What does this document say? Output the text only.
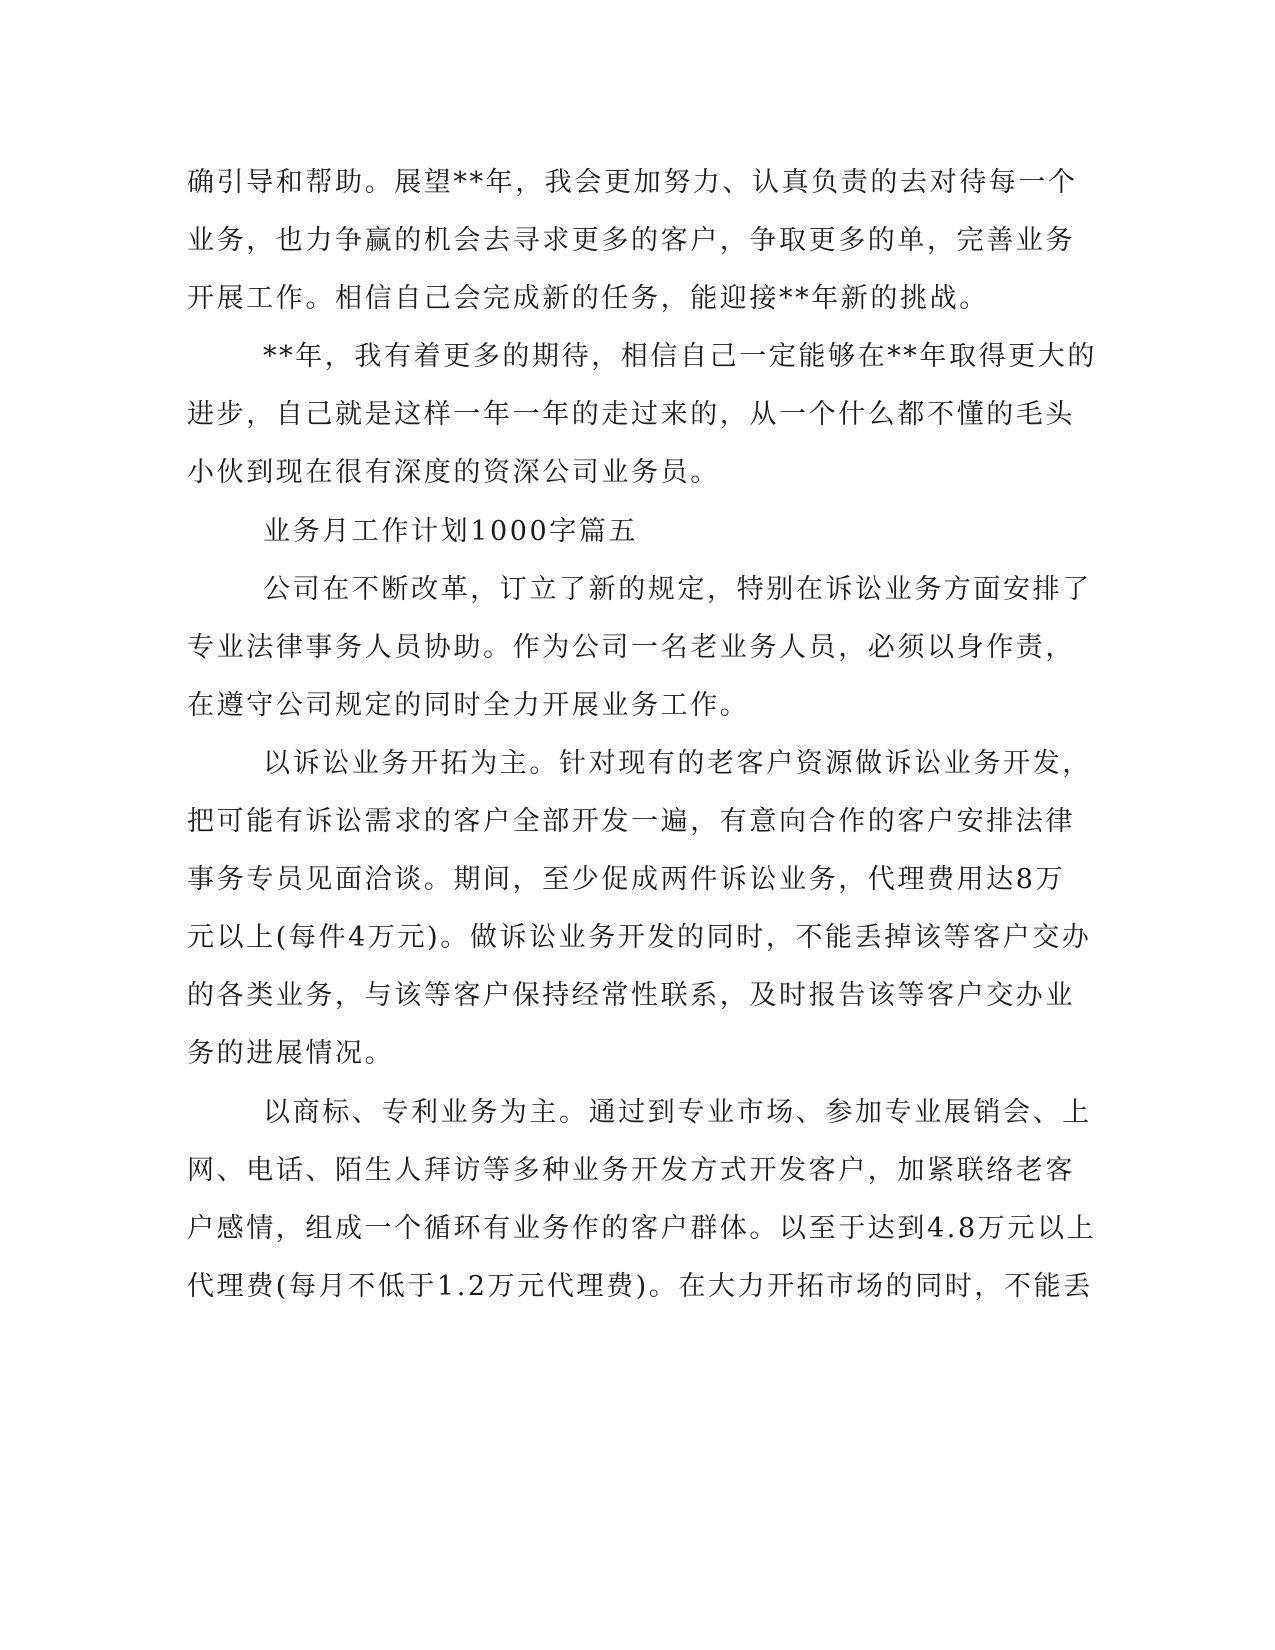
确引导和帮助。展望**年，我会更加努力、认真负责的去对待每一个
业务，也力争赢的机会去寻求更多的客户，争取更多的单，完善业务
开展工作。相信自己会完成新的任务，能迎接**年新的挑战。
**年，我有着更多的期待，相信自己一定能够在**年取得更大的
进步，自己就是这样一年一年的走过来的，从一个什么都不懂的毛头
小伙到现在很有深度的资深公司业务员。
业务月工作计划1000字篇五
公司在不断改革，订立了新的规定，特别在诉讼业务方面安排了
专业法律事务人员协助。作为公司一名老业务人员，必须以身作责，
在遵守公司规定的同时全力开展业务工作。
以诉讼业务开拓为主。针对现有的老客户资源做诉讼业务开发，
把可能有诉讼需求的客户全部开发一遍，有意向合作的客户安排法律
事务专员见面洽谈。期间，至少促成两件诉讼业务，代理费用达8万
元以上(每件4万元)。做诉讼业务开发的同时，不能丢掉该等客户交办
的各类业务，与该等客户保持经常性联系，及时报告该等客户交办业
务的进展情况。
以商标、专利业务为主。通过到专业市场、参加专业展销会、上
网、电话、陌生人拜访等多种业务开发方式开发客户，加紧联络老客
户感情，组成一个循环有业务作的客户群体。以至于达到4.8万元以上
代理费(每月不低于1.2万元代理费)。在大力开拓市场的同时，不能丢
